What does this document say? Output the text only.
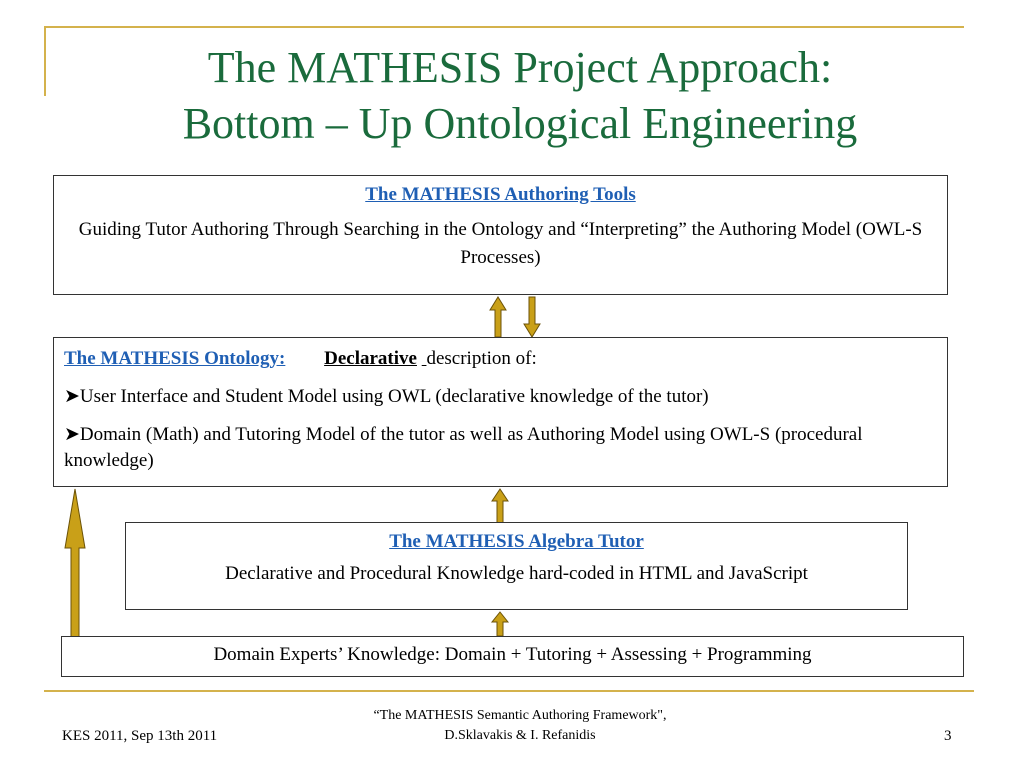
The MATHESIS Project Approach:
Bottom – Up Ontological Engineering

The MATHESIS Authoring Tools

Guiding Tutor Authoring Through Searching in the Ontology and “Interpreting” the Authoring Model (OWL-S Processes)

The MATHESIS Ontology: Declarative description of:
➤User Interface and Student Model using OWL (declarative knowledge of the tutor)
➤Domain (Math) and Tutoring Model of the tutor as well as Authoring Model using OWL-S (procedural knowledge)

The MATHESIS Algebra Tutor

Declarative and Procedural Knowledge hard-coded in HTML and JavaScript

Domain Experts’ Knowledge: Domain + Tutoring + Assessing + Programming
KES 2011, Sep 13th 2011
“The MATHESIS Semantic Authoring Framework",
D.Sklavakis & I. Refanidis	3
